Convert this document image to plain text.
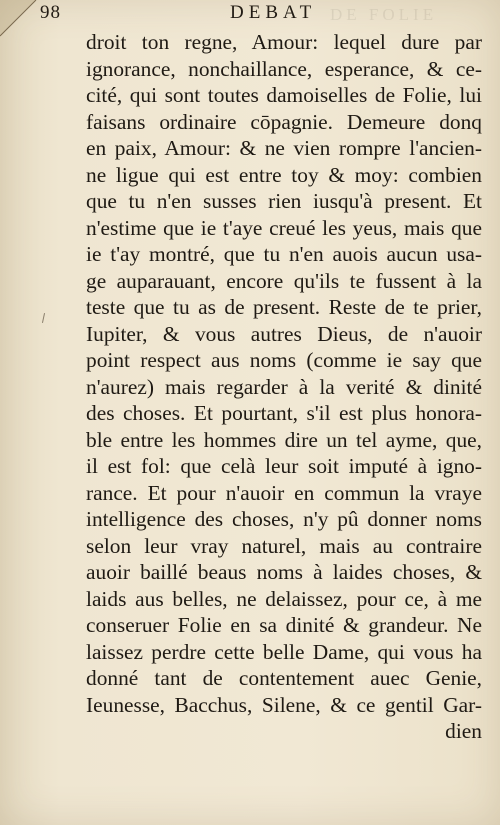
98	DEBAT DE FOLIE
droit ton regne, Amour: lequel dure par
ignorance, nonchaillance, esperance, & ce-
cité, qui sont toutes damoiselles de Folie, lui
faisans ordinaire cōpagnie. Demeure donq
en paix, Amour: & ne vien rompre l'ancien-
ne ligue qui est entre toy & moy: combien
que tu n'en susses rien iusqu'à present. Et
n'estime que ie t'aye creué les yeus, mais que
ie t'ay montré, que tu n'en auois aucun usa-
ge auparauant, encore qu'ils te fussent à la
teste que tu as de present. Reste de te prier,
Iupiter, & vous autres Dieus, de n'auoir
point respect aus noms (comme ie say que
n'aurez) mais regarder à la verité & dinité
des choses. Et pourtant, s'il est plus honora-
ble entre les hommes dire un tel ayme, que,
il est fol: que celà leur soit imputé à igno-
rance. Et pour n'auoir en commun la vraye
intelligence des choses, n'y pû donner noms
selon leur vray naturel, mais au contraire
auoir baillé beaus noms à laides choses, &
laids aus belles, ne delaissez, pour ce, à me
conseruer Folie en sa dinité & grandeur. Ne
laissez perdre cette belle Dame, qui vous ha
donné tant de contentement auec Genie,
Ieunesse, Bacchus, Silene, & ce gentil Gar-
dien
